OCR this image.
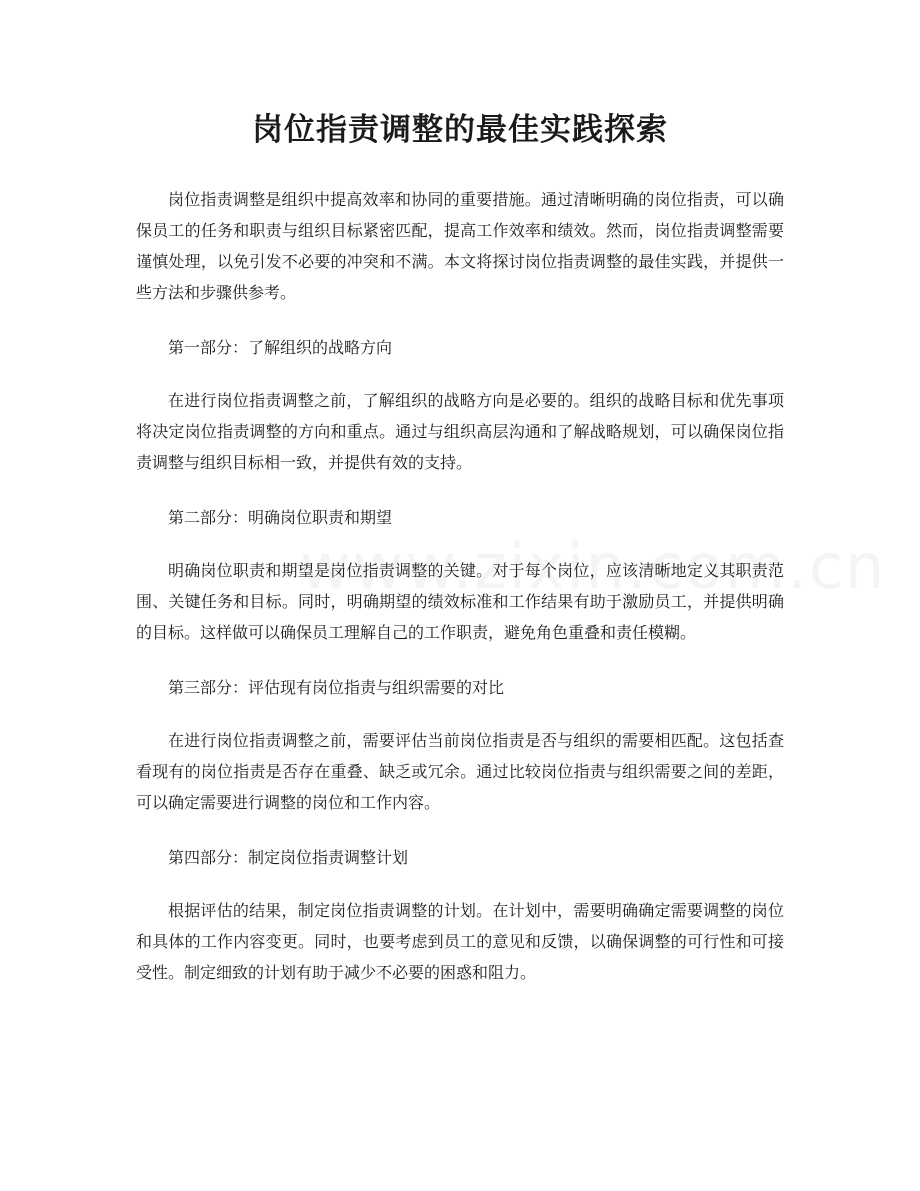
岗位指责调整的最佳实践探索

岗位指责调整是组织中提高效率和协同的重要措施。通过清晰明确的岗位指责，可以确保员工的任务和职责与组织目标紧密匹配，提高工作效率和绩效。然而，岗位指责调整需要谨慎处理，以免引发不必要的冲突和不满。本文将探讨岗位指责调整的最佳实践，并提供一些方法和步骤供参考。

第一部分：了解组织的战略方向

在进行岗位指责调整之前，了解组织的战略方向是必要的。组织的战略目标和优先事项将决定岗位指责调整的方向和重点。通过与组织高层沟通和了解战略规划，可以确保岗位指责调整与组织目标相一致，并提供有效的支持。

第二部分：明确岗位职责和期望

明确岗位职责和期望是岗位指责调整的关键。对于每个岗位，应该清晰地定义其职责范围、关键任务和目标。同时，明确期望的绩效标准和工作结果有助于激励员工，并提供明确的目标。这样做可以确保员工理解自己的工作职责，避免角色重叠和责任模糊。

第三部分：评估现有岗位指责与组织需要的对比

在进行岗位指责调整之前，需要评估当前岗位指责是否与组织的需要相匹配。这包括查看现有的岗位指责是否存在重叠、缺乏或冗余。通过比较岗位指责与组织需要之间的差距，可以确定需要进行调整的岗位和工作内容。

第四部分：制定岗位指责调整计划

根据评估的结果，制定岗位指责调整的计划。在计划中，需要明确确定需要调整的岗位和具体的工作内容变更。同时，也要考虑到员工的意见和反馈，以确保调整的可行性和可接受性。制定细致的计划有助于减少不必要的困惑和阻力。
